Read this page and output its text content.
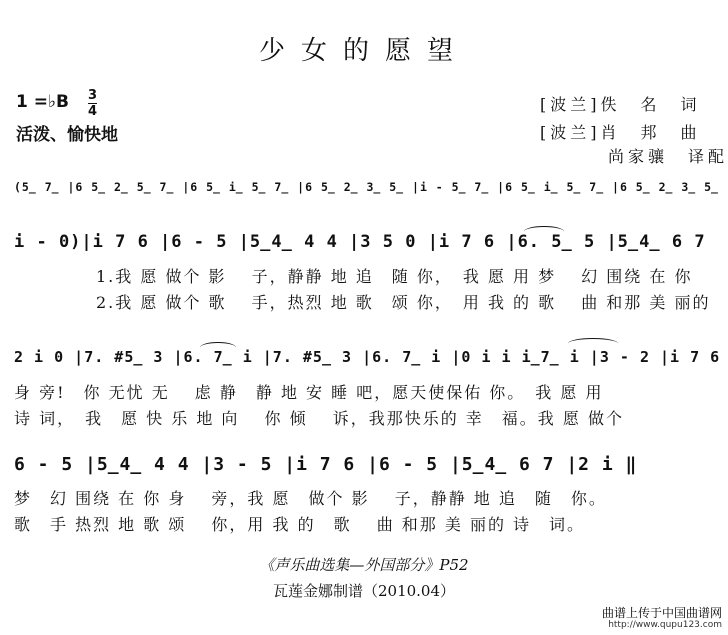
少女的愿望
1 =♭B 3
4
活泼、愉快地
[波兰]佚　名　词
[波兰]肖　邦　曲
尚家骧　译配
(5̲ 7̲ |6 5̲ 2̲ 5̲ 7̲ |6 5̲ i̲ 5̲ 7̲ |6 5̲ 2̲ 3̲ 5̲ |i - 5̲ 7̲ |6 5̲ i̲ 5̲ 7̲ |6 5̲ 2̲ 3̲ 5̲
i - 0)|i 7 6 |6 - 5 |5̲4̲ 4 4 |3 5 0 |i 7 6 |6. 5̲ 5 |5̲4̲ 6 7
1.我 愿 做个 影　 子，静静 地 追　随 你，　我 愿 用 梦　 幻 围绕 在 你
2.我 愿 做个 歌　 手，热烈 地 歌　颂 你，　用 我 的 歌　 曲 和那 美 丽的
2 i 0 |7. #5̲ 3 |6. 7̲ i |7. #5̲ 3 |6. 7̲ i |0 i i i̲7̲ i |3 - 2 |i 7 6
身 旁!　你 无忧 无　 虑 静　静 地 安 睡 吧，愿天使保佑 你。　我 愿 用
诗 词，　我　愿 快 乐 地 向　 你 倾　 诉，我那快乐的 幸　福。我 愿 做个
6 - 5 |5̲4̲ 4 4 |3 - 5 |i 7 6 |6 - 5 |5̲4̲ 6 7 |2 i ‖
梦　幻 围绕 在 你 身　 旁，我 愿　做个 影　 子，静静 地 追　随　你。
歌　手 热烈 地 歌 颂　 你，用 我 的　歌　 曲 和那 美 丽的 诗　词。
《声乐曲选集—外国部分》P52
瓦莲金娜制谱（2010.04）
曲谱上传于中国曲谱网
http://www.qupu123.com
